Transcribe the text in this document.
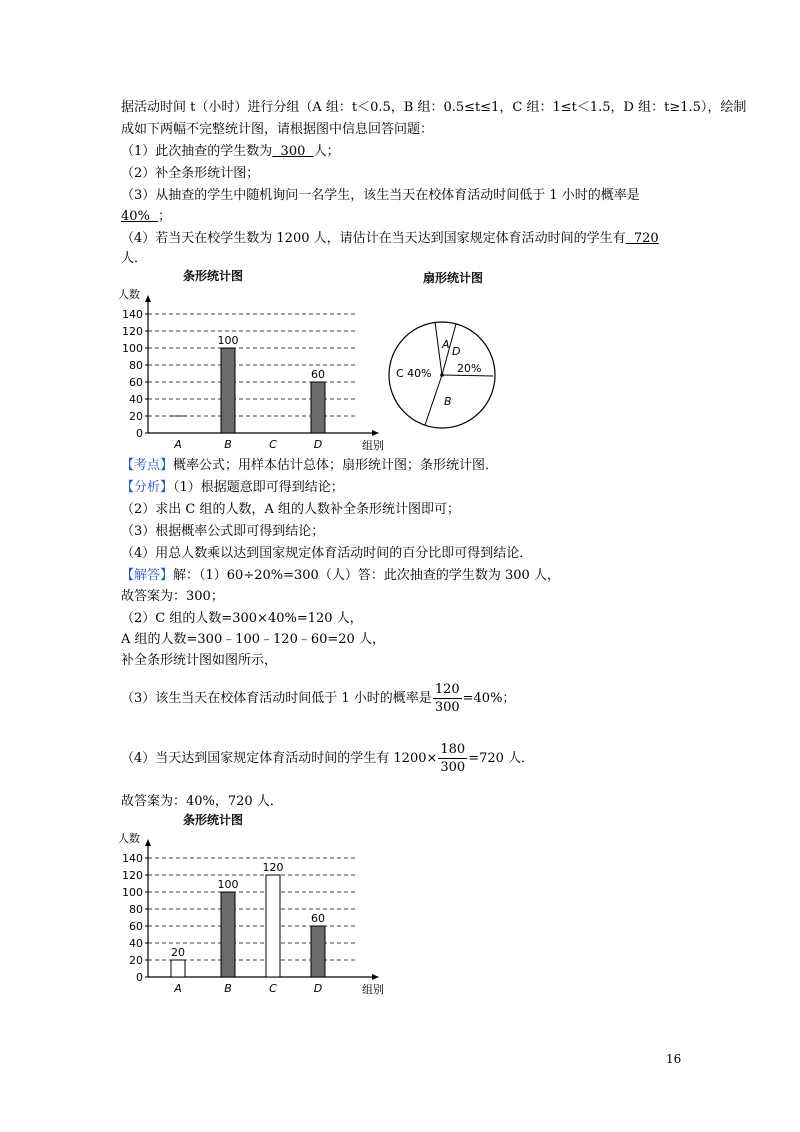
据活动时间 t（小时）进行分组（A 组：t＜0.5，B 组：0.5≤t≤1，C 组：1≤t＜1.5，D 组：t≥1.5），绘制
成如下两幅不完整统计图，请根据图中信息回答问题：
（1）此次抽查的学生数为 300 人；
（2）补全条形统计图；
（3）从抽查的学生中随机询问一名学生，该生当天在校体育活动时间低于 1 小时的概率是
40% ；
（4）若当天在校学生数为 1200 人，请估计在当天达到国家规定体育活动时间的学生有 720
人．
条形统计图
人数
0
20
40
60
80
100
120
140
组别
A	B
100
C	D
60
扇形统计图
A
D
20%
B
C 40%
【考点】概率公式；用样本估计总体；扇形统计图；条形统计图．
【分析】（1）根据题意即可得到结论；
（2）求出 C 组的人数，A 组的人数补全条形统计图即可；
（3）根据概率公式即可得到结论；
（4）用总人数乘以达到国家规定体育活动时间的百分比即可得到结论．
【解答】解：（1）60÷20%=300（人）答：此次抽查的学生数为 300 人，
故答案为：300；
（2）C 组的人数=300×40%=120 人，
A 组的人数=300﹣100﹣120﹣60=20 人，
补全条形统计图如图所示，
（3）该生当天在校体育活动时间低于 1 小时的概率是 $\frac{120}{300} =40\%$；
（4）当天达到国家规定体育活动时间的学生有 $1200\times \frac{180}{300} =720$ 人．
故答案为：40%，720 人．
条形统计图
人数
0
20
40
60
80
100
120
140
组别
A
20
B
100
C
120
D
60
16
